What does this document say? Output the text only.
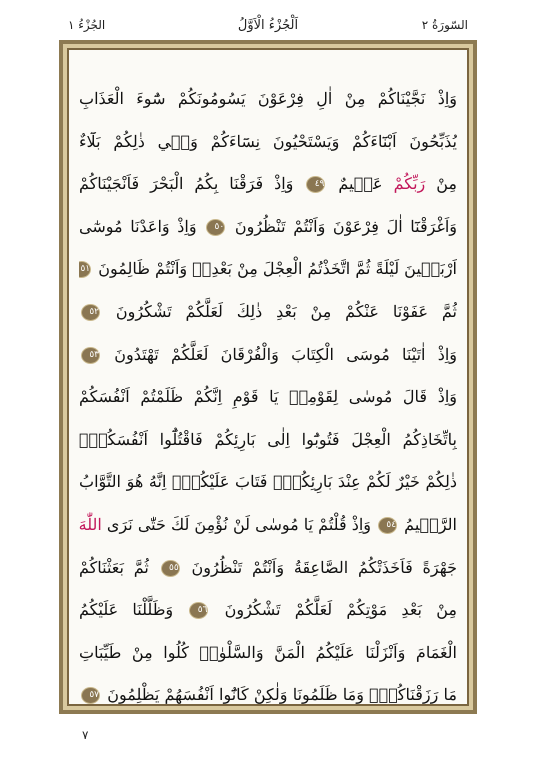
السّورَةُ ٢
اَلْجُزْءُ الْاَوَّلُ
الجُزْءُ ١
وَاِذْ نَجَّيْنَاكُمْ مِنْ اٰلِ فِرْعَوْنَ يَسُومُونَكُمْ سُٓوءَ الْعَذَابِ
يُذَبِّحُونَ اَبْنَٓاءَكُمْ وَيَسْتَحْيُونَ نِسَٓاءَكُمْ وَفٖي ذٰلِكُمْ بَلَٓاءٌ
مِنْ رَبِّكُمْ عَظٖيمٌ ٤٩ وَاِذْ فَرَقْنَا بِكُمُ الْبَحْرَ فَاَنْجَيْنَاكُمْ
وَاَغْرَقْنَٓا اٰلَ فِرْعَوْنَ وَاَنْتُمْ تَنْظُرُونَ ٥٠ وَاِذْ وَاعَدْنَا مُوسٰٓى
اَرْبَعٖينَ لَيْلَةً ثُمَّ اتَّخَذْتُمُ الْعِجْلَ مِنْ بَعْدِهٖ وَاَنْتُمْ ظَالِمُونَ ٥١
ثُمَّ عَفَوْنَا عَنْكُمْ مِنْ بَعْدِ ذٰلِكَ لَعَلَّكُمْ تَشْكُرُونَ ٥٢
وَاِذْ اٰتَيْنَا مُوسَى الْكِتَابَ وَالْفُرْقَانَ لَعَلَّكُمْ تَهْتَدُونَ ٥٣
وَاِذْ قَالَ مُوسٰى لِقَوْمِهٖ يَا قَوْمِ اِنَّكُمْ ظَلَمْتُمْ اَنْفُسَكُمْ
بِاتِّخَاذِكُمُ الْعِجْلَ فَتُوبُٓوا اِلٰى بَارِئِكُمْ فَاقْتُلُٓوا اَنْفُسَكُمْۜ
ذٰلِكُمْ خَيْرٌ لَكُمْ عِنْدَ بَارِئِكُمْۜ فَتَابَ عَلَيْكُمْۜ اِنَّهُ هُوَ التَّوَّابُ
الرَّحٖيمُ ٥٤ وَاِذْ قُلْتُمْ يَا مُوسٰى لَنْ نُؤْمِنَ لَكَ حَتّٰى نَرَى اللّٰهَ
جَهْرَةً فَاَخَذَتْكُمُ الصَّاعِقَةُ وَاَنْتُمْ تَنْظُرُونَ ٥٥ ثُمَّ بَعَثْنَاكُمْ
مِنْ بَعْدِ مَوْتِكُمْ لَعَلَّكُمْ تَشْكُرُونَ ٥٦ وَظَلَّلْنَا عَلَيْكُمُ
الْغَمَامَ وَاَنْزَلْنَا عَلَيْكُمُ الْمَنَّ وَالسَّلْوٰىۜ كُلُوا مِنْ طَيِّبَاتِ
مَا رَزَقْنَاكُمْۜ وَمَا ظَلَمُونَا وَلٰكِنْ كَانُٓوا اَنْفُسَهُمْ يَظْلِمُونَ ٥٧
٧
